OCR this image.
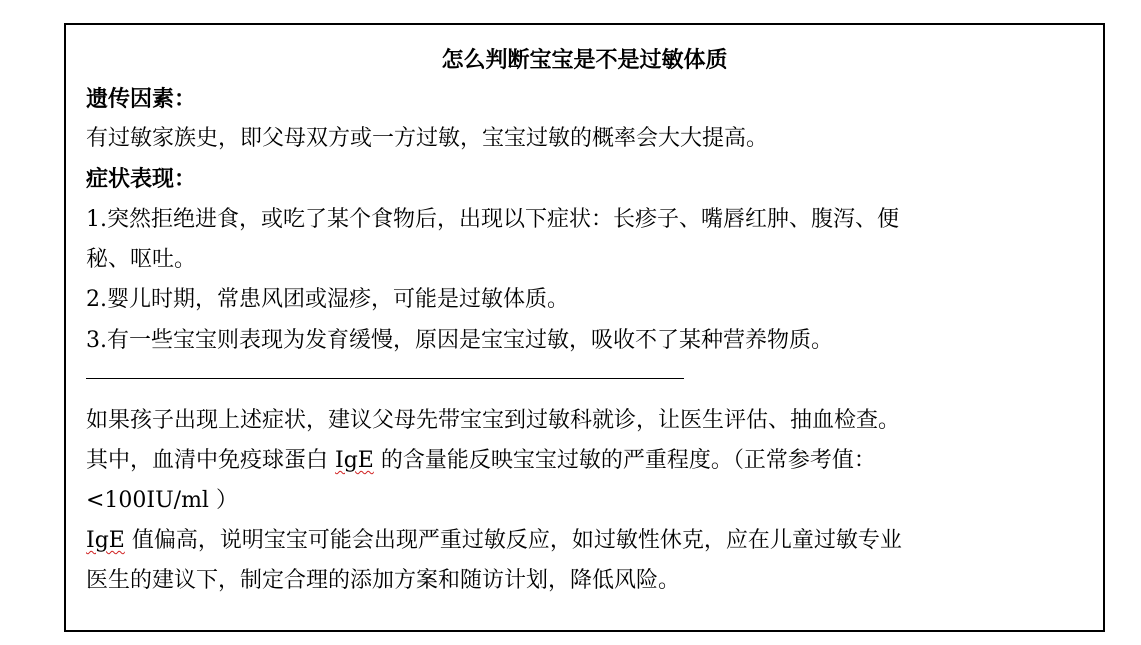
怎么判断宝宝是不是过敏体质
遗传因素：
有过敏家族史，即父母双方或一方过敏，宝宝过敏的概率会大大提高。
症状表现：
1.突然拒绝进食，或吃了某个食物后，出现以下症状：长疹子、嘴唇红肿、腹泻、便
秘、呕吐。
2.婴儿时期，常患风团或湿疹，可能是过敏体质。
3.有一些宝宝则表现为发育缓慢，原因是宝宝过敏，吸收不了某种营养物质。
如果孩子出现上述症状，建议父母先带宝宝到过敏科就诊，让医生评估、抽血检查。
其中，血清中免疫球蛋白 IgE 的含量能反映宝宝过敏的严重程度。（正常参考值：
<100IU/ml ）
IgE 值偏高，说明宝宝可能会出现严重过敏反应，如过敏性休克，应在儿童过敏专业
医生的建议下，制定合理的添加方案和随访计划，降低风险。
